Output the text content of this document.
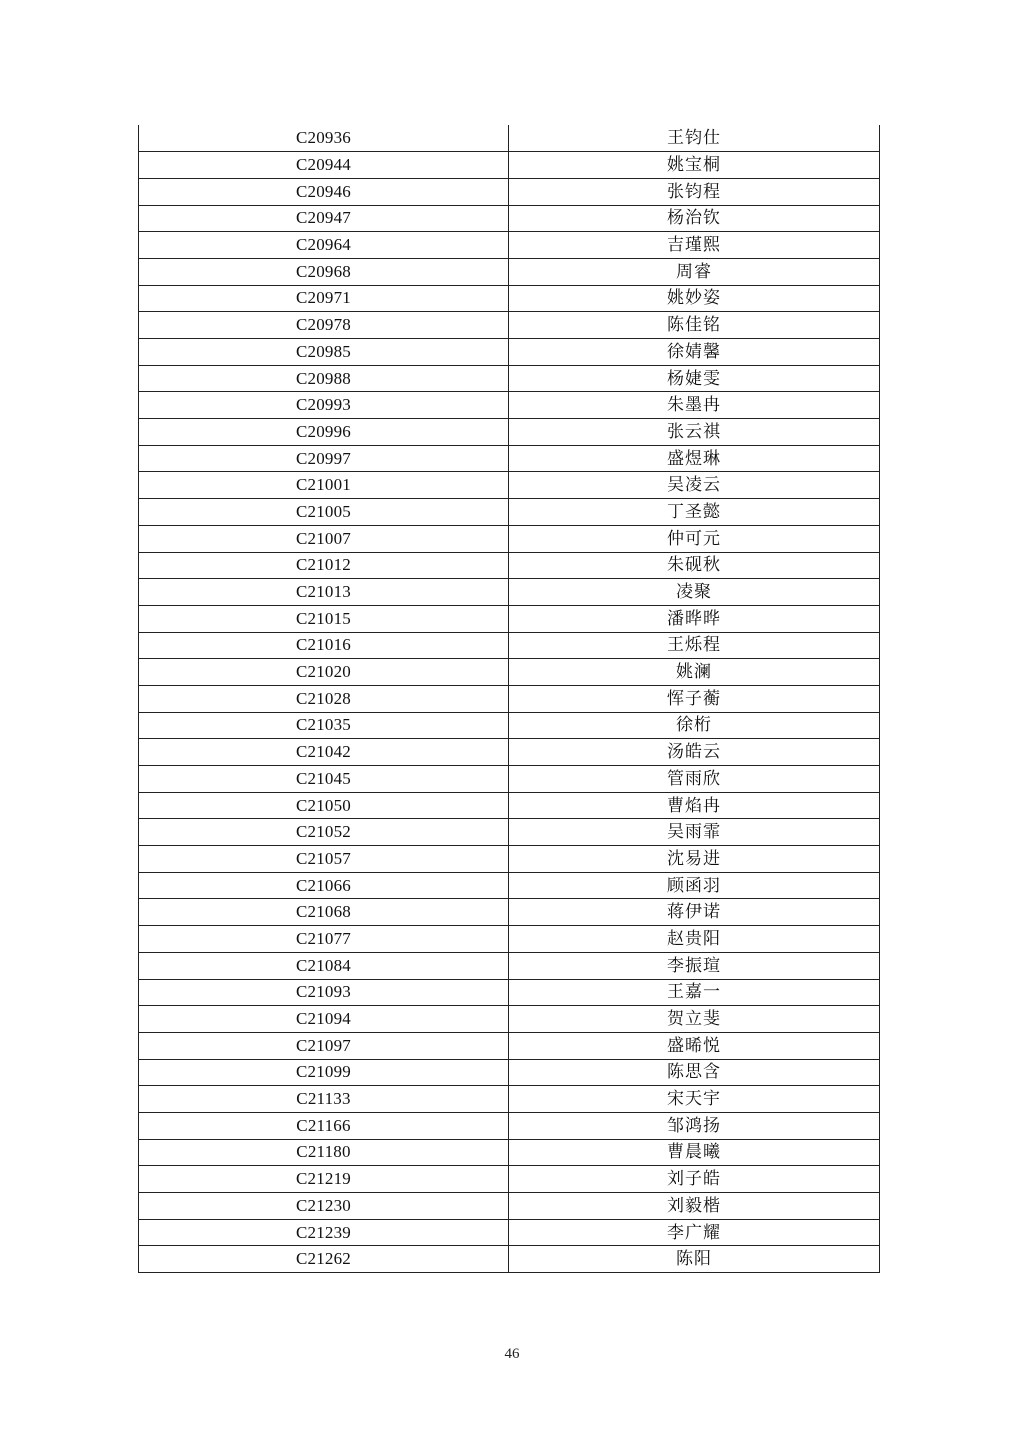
C20936	王钧仕
C20944	姚宝桐
C20946	张钧程
C20947	杨治钦
C20964	吉瑾熙
C20968	周睿
C20971	姚妙姿
C20978	陈佳铭
C20985	徐婧馨
C20988	杨婕雯
C20993	朱墨冉
C20996	张云祺
C20997	盛煜琳
C21001	吴凌云
C21005	丁圣懿
C21007	仲可元
C21012	朱砚秋
C21013	凌聚
C21015	潘晔晔
C21016	王烁程
C21020	姚澜
C21028	恽子蘅
C21035	徐桁
C21042	汤皓云
C21045	管雨欣
C21050	曹焰冉
C21052	吴雨霏
C21057	沈易进
C21066	顾函羽
C21068	蒋伊诺
C21077	赵贵阳
C21084	李振瑄
C21093	王嘉一
C21094	贺立斐
C21097	盛晞悦
C21099	陈思含
C21133	宋天宇
C21166	邹鸿扬
C21180	曹晨曦
C21219	刘子皓
C21230	刘毅楷
C21239	李广耀
C21262	陈阳
46
